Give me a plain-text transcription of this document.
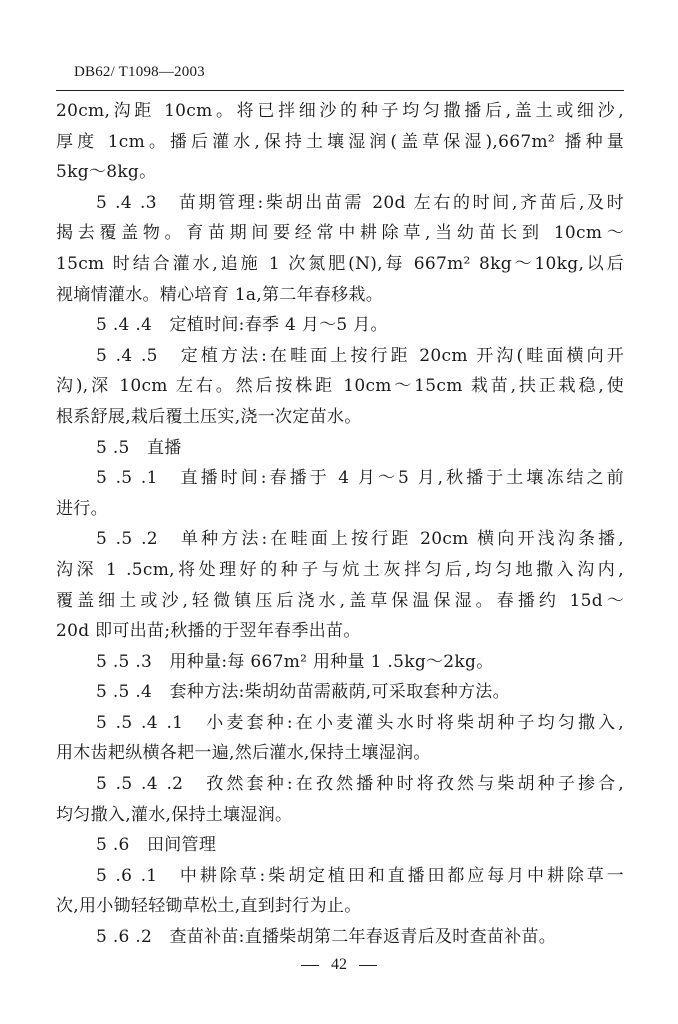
DB62/ T1098—2003
20cm,沟距 10cm。将已拌细沙的种子均匀撒播后,盖土或细沙,
厚度 1cm。播后灌水,保持土壤湿润(盖草保湿),667m² 播种量
5kg～8kg。
5 .4 .3　苗期管理:柴胡出苗需 20d 左右的时间,齐苗后,及时
揭去覆盖物。育苗期间要经常中耕除草,当幼苗长到 10cm～
15cm 时结合灌水,追施 1 次氮肥(N),每 667m² 8kg～10kg,以后
视墒情灌水。精心培育 1a,第二年春移栽。
5 .4 .4　定植时间:春季 4 月～5 月。
5 .4 .5　定植方法:在畦面上按行距 20cm 开沟(畦面横向开
沟),深 10cm 左右。然后按株距 10cm～15cm 栽苗,扶正栽稳,使
根系舒展,栽后覆土压实,浇一次定苗水。
5 .5　直播
5 .5 .1　直播时间:春播于 4 月～5 月,秋播于土壤冻结之前
进行。
5 .5 .2　单种方法:在畦面上按行距 20cm 横向开浅沟条播,
沟深 1 .5cm,将处理好的种子与炕土灰拌匀后,均匀地撒入沟内,
覆盖细土或沙,轻微镇压后浇水,盖草保温保湿。春播约 15d～
20d 即可出苗;秋播的于翌年春季出苗。
5 .5 .3　用种量:每 667m² 用种量 1 .5kg～2kg。
5 .5 .4　套种方法:柴胡幼苗需蔽荫,可采取套种方法。
5 .5 .4 .1　小麦套种:在小麦灌头水时将柴胡种子均匀撒入,
用木齿耙纵横各耙一遍,然后灌水,保持土壤湿润。
5 .5 .4 .2　孜然套种:在孜然播种时将孜然与柴胡种子掺合,
均匀撒入,灌水,保持土壤湿润。
5 .6　田间管理
5 .6 .1　中耕除草:柴胡定植田和直播田都应每月中耕除草一
次,用小锄轻轻锄草松土,直到封行为止。
5 .6 .2　查苗补苗:直播柴胡第二年春返青后及时查苗补苗。
42
